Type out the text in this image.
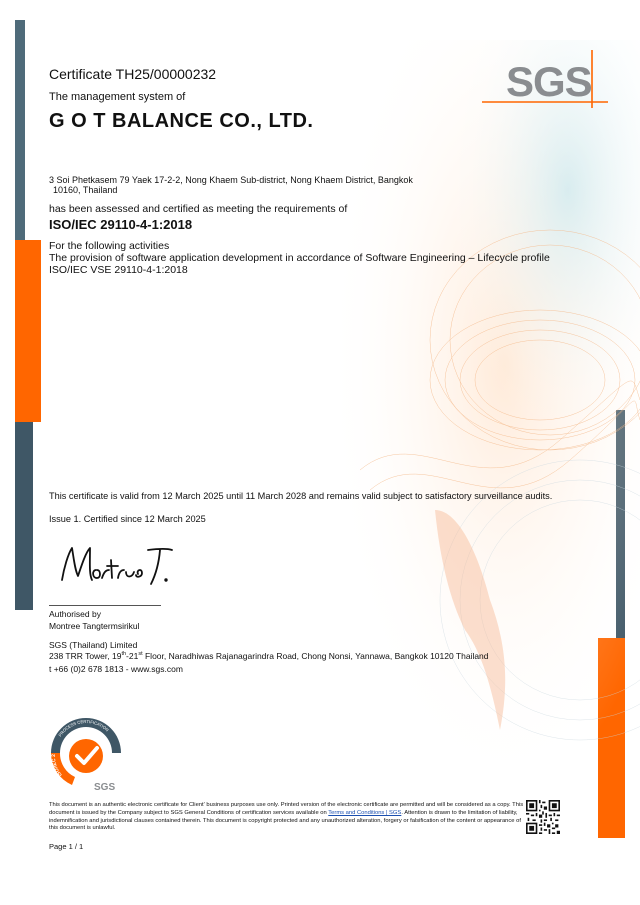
SGS
Certificate TH25/00000232
The management system of
G O T BALANCE CO., LTD.
3 Soi Phetkasem 79 Yaek 17-2-2, Nong Khaem Sub-district, Nong Khaem District, Bangkok
10160, Thailand
has been assessed and certified as meeting the requirements of
ISO/IEC 29110-4-1:2018
For the following activities
The provision of software application development in accordance of Software Engineering – Lifecycle profile
ISO/IEC VSE 29110-4-1:2018
This certificate is valid from 12 March 2025 until 11 March 2028 and remains valid subject to satisfactory surveillance audits.
Issue 1. Certified since 12 March 2025
Authorised by
Montree Tangtermsirikul
SGS (Thailand) Limited
238 TRR Tower, 19th-21st Floor, Naradhiwas Rajanagarindra Road, Chong Nonsi, Yannawa, Bangkok 10120 Thailand
t +66 (0)2 678 1813 - www.sgs.com
PROCESS CERTIFICATION
ISO/IEC 2
SGS
This document is an authentic electronic certificate for Client' business purposes use only. Printed version of the electronic certificate are permitted and will be considered as a copy. This document is issued by the Company subject to SGS General Conditions of certification services available on Terms and Conditions | SGS. Attention is drawn to the limitation of liability, indemnification and jurisdictional clauses contained therein. This document is copyright protected and any unauthorized alteration, forgery or falsification of the content or appearance of this document is unlawful.
Page 1 / 1
